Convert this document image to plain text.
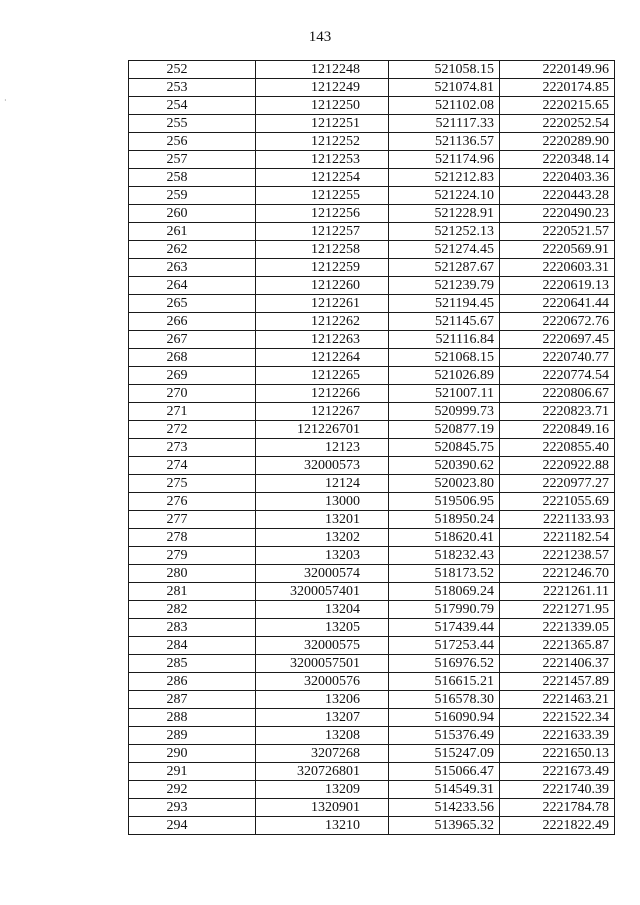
143
·
252	1212248	521058.15	2220149.96
253	1212249	521074.81	2220174.85
254	1212250	521102.08	2220215.65
255	1212251	521117.33	2220252.54
256	1212252	521136.57	2220289.90
257	1212253	521174.96	2220348.14
258	1212254	521212.83	2220403.36
259	1212255	521224.10	2220443.28
260	1212256	521228.91	2220490.23
261	1212257	521252.13	2220521.57
262	1212258	521274.45	2220569.91
263	1212259	521287.67	2220603.31
264	1212260	521239.79	2220619.13
265	1212261	521194.45	2220641.44
266	1212262	521145.67	2220672.76
267	1212263	521116.84	2220697.45
268	1212264	521068.15	2220740.77
269	1212265	521026.89	2220774.54
270	1212266	521007.11	2220806.67
271	1212267	520999.73	2220823.71
272	121226701	520877.19	2220849.16
273	12123	520845.75	2220855.40
274	32000573	520390.62	2220922.88
275	12124	520023.80	2220977.27
276	13000	519506.95	2221055.69
277	13201	518950.24	2221133.93
278	13202	518620.41	2221182.54
279	13203	518232.43	2221238.57
280	32000574	518173.52	2221246.70
281	3200057401	518069.24	2221261.11
282	13204	517990.79	2221271.95
283	13205	517439.44	2221339.05
284	32000575	517253.44	2221365.87
285	3200057501	516976.52	2221406.37
286	32000576	516615.21	2221457.89
287	13206	516578.30	2221463.21
288	13207	516090.94	2221522.34
289	13208	515376.49	2221633.39
290	3207268	515247.09	2221650.13
291	320726801	515066.47	2221673.49
292	13209	514549.31	2221740.39
293	1320901	514233.56	2221784.78
294	13210	513965.32	2221822.49
